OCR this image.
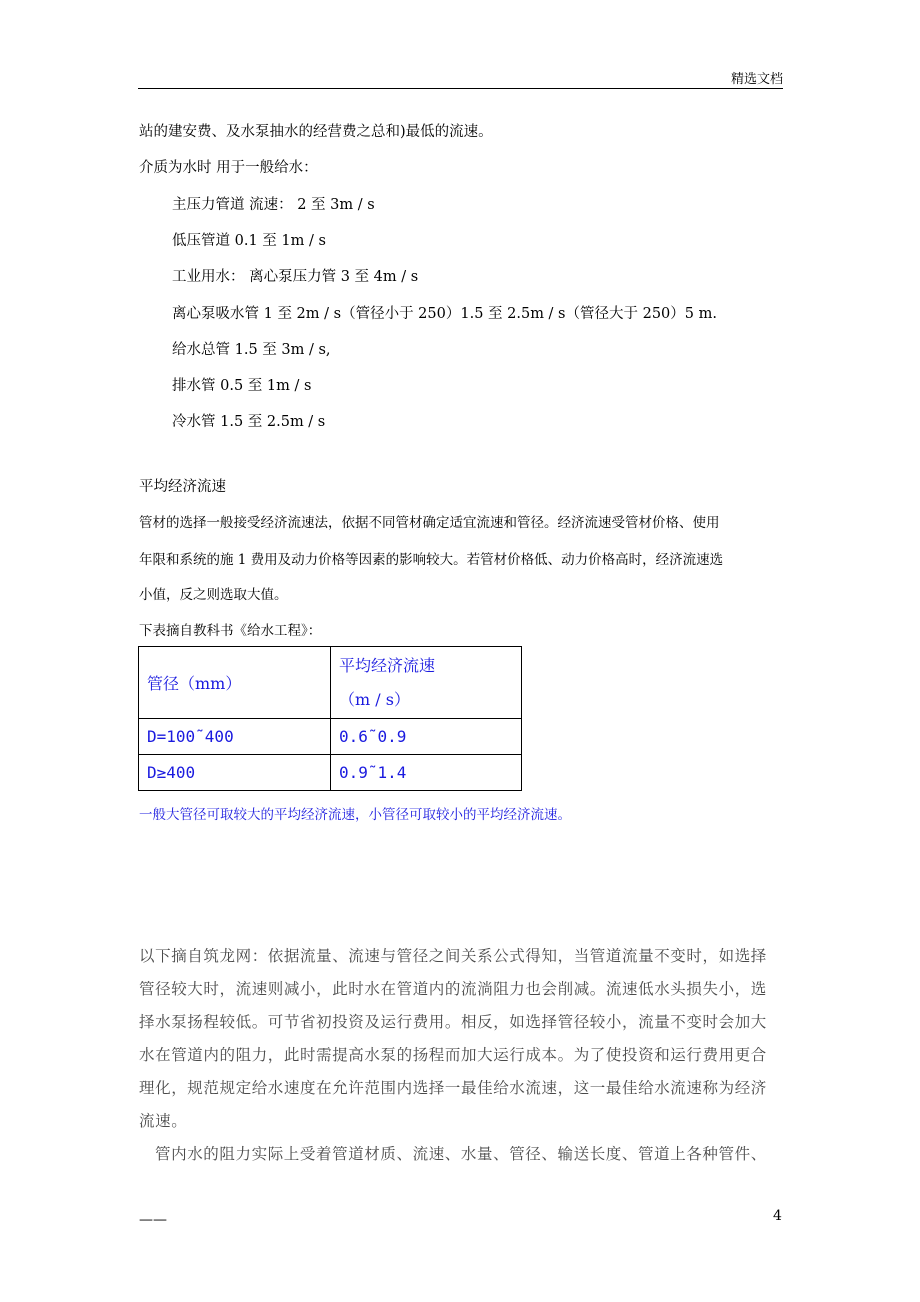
精选文档
站的建安费、及水泵抽水的经营费之总和)最低的流速。
介质为水时 用于一般给水：
主压力管道 流速： 2 至 3m / s
低压管道 0.1 至 1m / s
工业用水： 离心泵压力管 3 至 4m / s
离心泵吸水管 1 至 2m / s（管径小于 250）1.5 至 2.5m / s（管径大于 250）5 m.
给水总管 1.5 至 3m / s,
排水管 0.5 至 1m / s
冷水管 1.5 至 2.5m / s
平均经济流速
管材的选择一般接受经济流速法，依据不同管材确定适宜流速和管径。经济流速受管材价格、使用
年限和系统的施 1 费用及动力价格等因素的影响较大。若管材价格低、动力价格高时，经济流速选
小值，反之则选取大值。
下表摘自教科书《给水工程》：
管径（mm）	平均经济流速
（m / s）

D=100˜400	0.6˜0.9
D≥400	0.9˜1.4
一般大管径可取较大的平均经济流速，小管径可取较小的平均经济流速。
以下摘自筑龙网：依据流量、流速与管径之间关系公式得知，当管道流量不变时，如选择
管径较大时，流速则减小，此时水在管道内的流淌阻力也会削减。流速低水头损失小，选
择水泵扬程较低。可节省初投资及运行费用。相反，如选择管径较小，流量不变时会加大
水在管道内的阻力，此时需提高水泵的扬程而加大运行成本。为了使投资和运行费用更合
理化，规范规定给水速度在允许范围内选择一最佳给水流速，这一最佳给水流速称为经济
流速。
管内水的阻力实际上受着管道材质、流速、水量、管径、输送长度、管道上各种管件、
——	4
